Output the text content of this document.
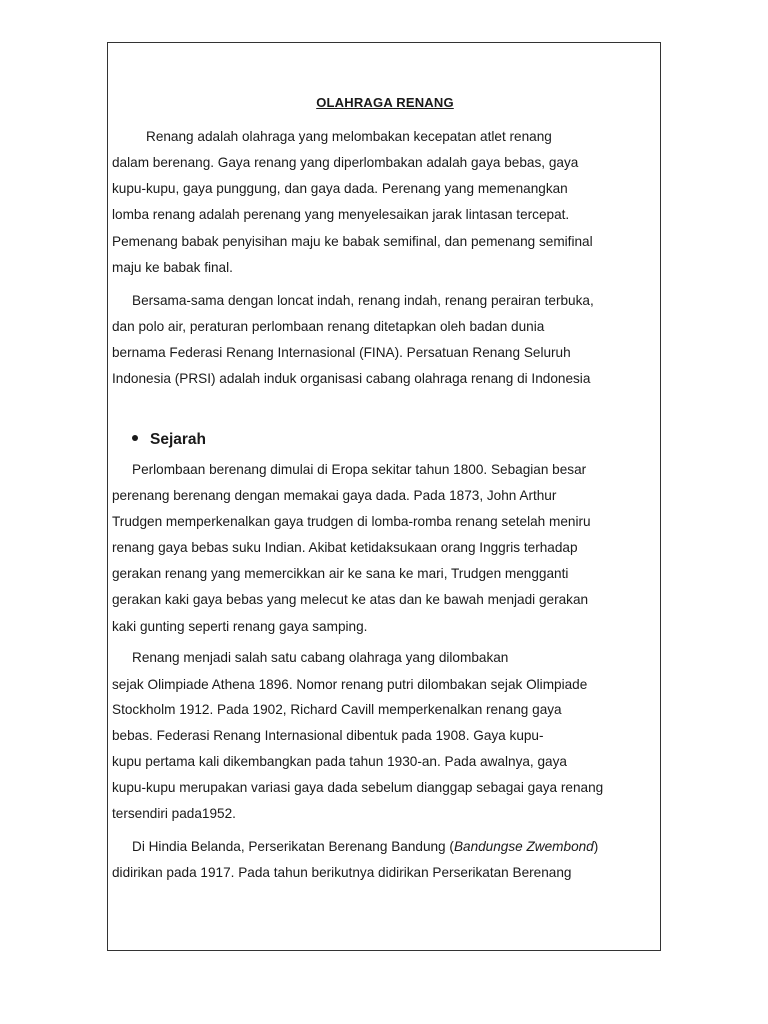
OLAHRAGA RENANG
Renang adalah olahraga yang melombakan kecepatan atlet renang
dalam berenang. Gaya renang yang diperlombakan adalah gaya bebas, gaya
kupu-kupu, gaya punggung, dan gaya dada. Perenang yang memenangkan
lomba renang adalah perenang yang menyelesaikan jarak lintasan tercepat.
Pemenang babak penyisihan maju ke babak semifinal, dan pemenang semifinal
maju ke babak final.
Bersama-sama dengan loncat indah, renang indah, renang perairan terbuka,
dan polo air, peraturan perlombaan renang ditetapkan oleh badan dunia
bernama Federasi Renang Internasional (FINA). Persatuan Renang Seluruh
Indonesia (PRSI) adalah induk organisasi cabang olahraga renang di Indonesia
Sejarah
Perlombaan berenang dimulai di Eropa sekitar tahun 1800. Sebagian besar
perenang berenang dengan memakai gaya dada. Pada 1873, John Arthur
Trudgen memperkenalkan gaya trudgen di lomba-romba renang setelah meniru
renang gaya bebas suku Indian. Akibat ketidaksukaan orang Inggris terhadap
gerakan renang yang memercikkan air ke sana ke mari, Trudgen mengganti
gerakan kaki gaya bebas yang melecut ke atas dan ke bawah menjadi gerakan
kaki gunting seperti renang gaya samping.
Renang menjadi salah satu cabang olahraga yang dilombakan
sejak Olimpiade Athena 1896. Nomor renang putri dilombakan sejak Olimpiade
Stockholm 1912. Pada 1902, Richard Cavill memperkenalkan renang gaya
bebas. Federasi Renang Internasional dibentuk pada 1908. Gaya kupu-
kupu pertama kali dikembangkan pada tahun 1930-an. Pada awalnya, gaya
kupu-kupu merupakan variasi gaya dada sebelum dianggap sebagai gaya renang
tersendiri pada1952.
Di Hindia Belanda, Perserikatan Berenang Bandung (Bandungse Zwembond)
didirikan pada 1917. Pada tahun berikutnya didirikan Perserikatan Berenang
